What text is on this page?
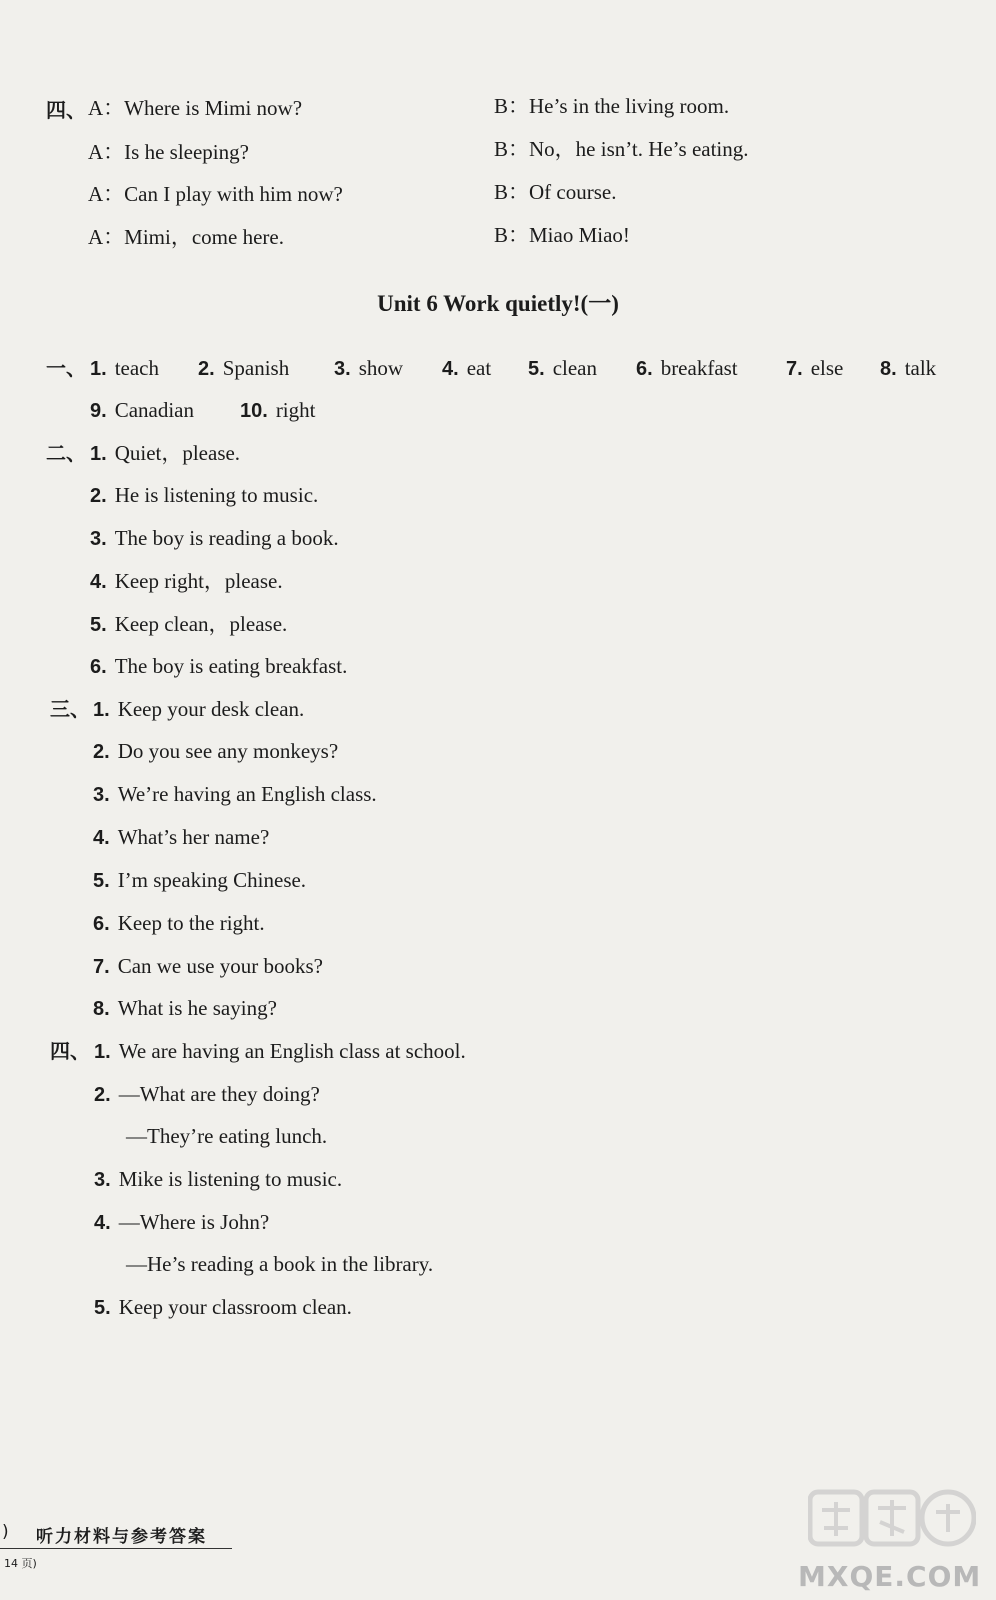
四、 A：Where is Mimi now?
A：Is he sleeping?
A：Can I play with him now?
A：Mimi，come here.
B：He’s in the living room.
B：No，he isn’t. He’s eating.
B：Of course.
B：Miao Miao!
Unit 6 Work quietly!(一)
一、 1. teach 2. Spanish 3. show 4. eat 5. clean 6. breakfast 7. else 8. talk
9. Canadian 10. right
二、 1. Quiet，please.
2. He is listening to music.
3. The boy is reading a book.
4. Keep right，please.
5. Keep clean，please.
6. The boy is eating breakfast.
三、 1. Keep your desk clean.
2. Do you see any monkeys?
3. We’re having an English class.
4. What’s her name?
5. I’m speaking Chinese.
6. Keep to the right.
7. Can we use your books?
8. What is he saying?
四、 1. We are having an English class at school.
2. —What are they doing?
—They’re eating lunch.
3. Mike is listening to music.
4. —Where is John?
—He’s reading a book in the library.
5. Keep your classroom clean.
) 听力材料与参考答案
14 页)	MXQE.COM
